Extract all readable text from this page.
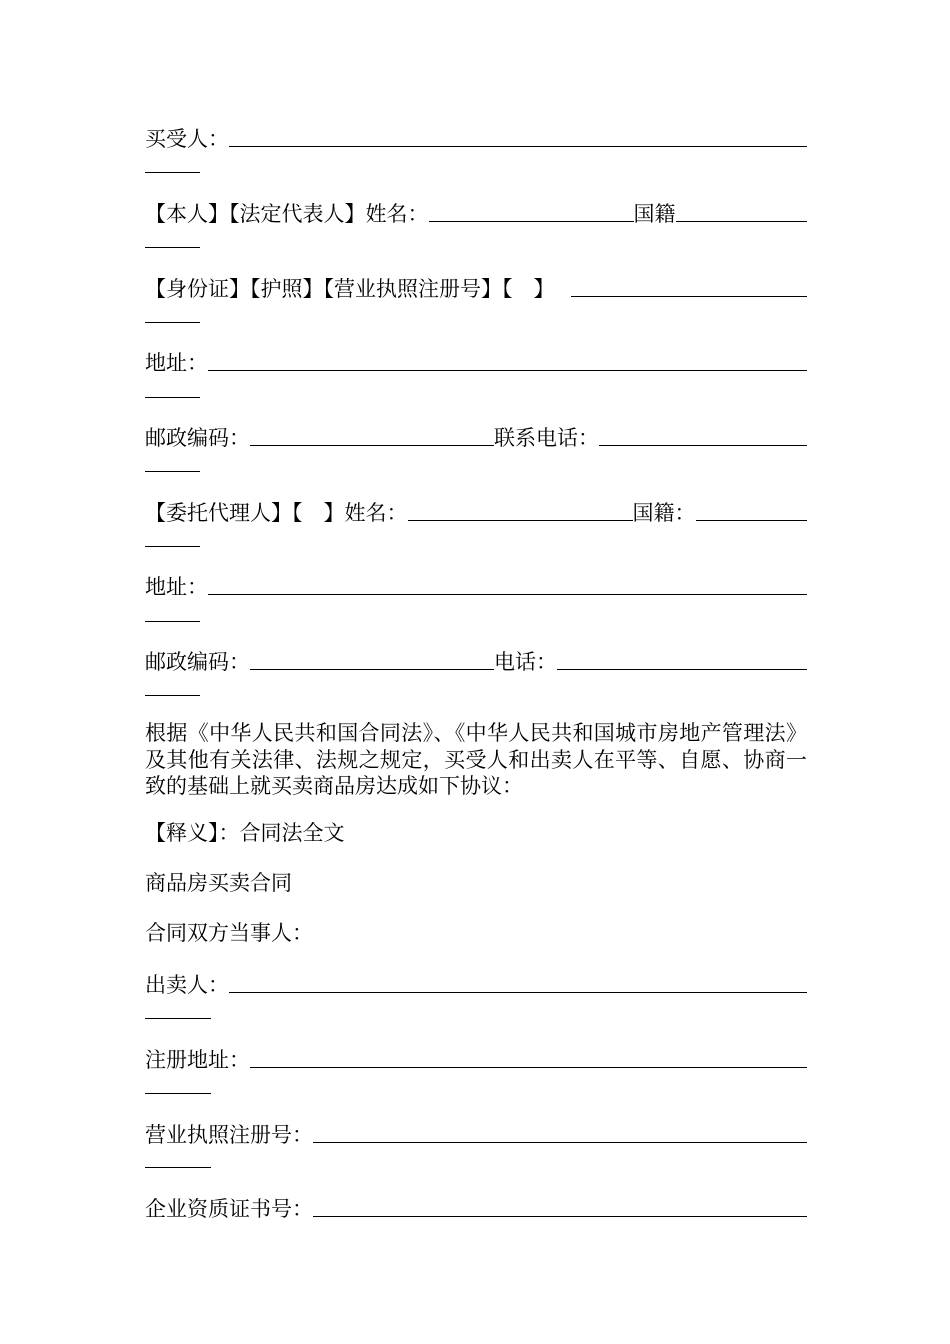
买受人：
【本人】【法定代表人】姓名：	国籍
【身份证】【护照】【营业执照注册号】【　】
地址：
邮政编码：	联系电话：
【委托代理人】【　】姓名：	国籍：
地址：
邮政编码：	电话：
根据《中华人民共和国合同法》、《中华人民共和国城市房地产管理法》及其他有关法律、法规之规定，买受人和出卖人在平等、自愿、协商一致的基础上就买卖商品房达成如下协议：
【释义】：合同法全文
商品房买卖合同
合同双方当事人：
出卖人：
注册地址：
营业执照注册号：
企业资质证书号：
